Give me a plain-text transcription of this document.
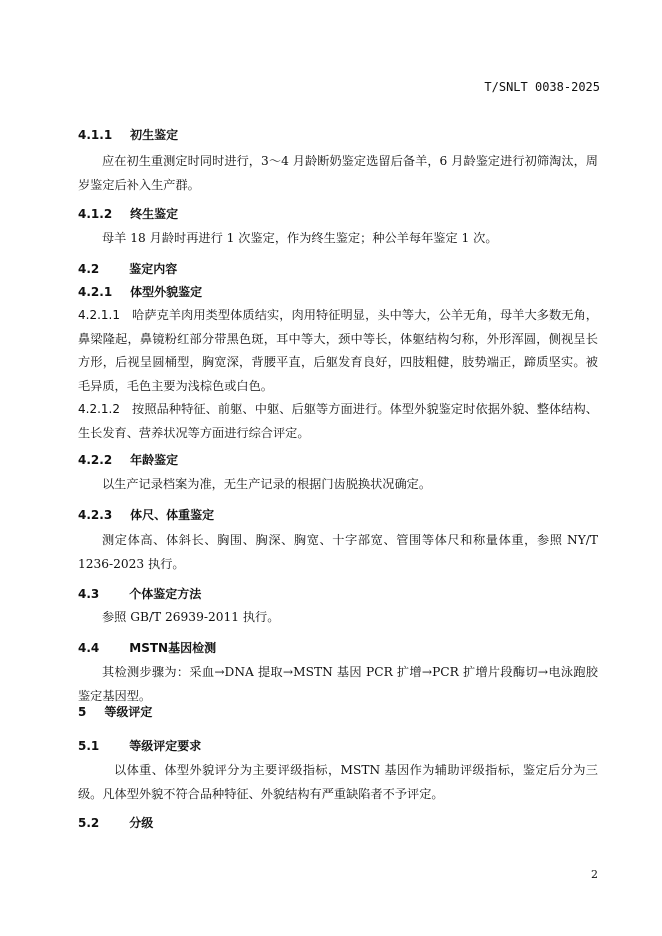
T/SNLT 0038-2025
4.1.1 初生鉴定
应在初生重测定时同时进行，3～4 月龄断奶鉴定选留后备羊，6 月龄鉴定进行初筛淘汰，周岁鉴定后补入生产群。
4.1.2 终生鉴定
母羊 18 月龄时再进行 1 次鉴定，作为终生鉴定；种公羊每年鉴定 1 次。
4.2	鉴定内容
4.2.1 体型外貌鉴定
4.2.1.1 哈萨克羊肉用类型体质结实，肉用特征明显，头中等大，公羊无角，母羊大多数无角，鼻梁隆起，鼻镜粉红部分带黑色斑，耳中等大，颈中等长，体躯结构匀称，外形浑圆，侧视呈长方形，后视呈圆桶型，胸宽深，背腰平直，后躯发育良好，四肢粗健，肢势端正，蹄质坚实。被毛异质，毛色主要为浅棕色或白色。
4.2.1.2 按照品种特征、前躯、中躯、后躯等方面进行。体型外貌鉴定时依据外貌、整体结构、生长发育、营养状况等方面进行综合评定。
4.2.2 年龄鉴定
以生产记录档案为准，无生产记录的根据门齿脱换状况确定。
4.2.3 体尺、体重鉴定
测定体高、体斜长、胸围、胸深、胸宽、十字部宽、管围等体尺和称量体重，参照 NY/T 1236-2023 执行。
4.3	个体鉴定方法
参照 GB/T 26939-2011 执行。
4.4	MSTN基因检测
其检测步骤为：采血→DNA 提取→MSTN 基因 PCR 扩增→PCR 扩增片段酶切→电泳跑胶鉴定基因型。
5 等级评定
5.1	等级评定要求
以体重、体型外貌评分为主要评级指标，MSTN 基因作为辅助评级指标，鉴定后分为三级。凡体型外貌不符合品种特征、外貌结构有严重缺陷者不予评定。
5.2	分级
2
